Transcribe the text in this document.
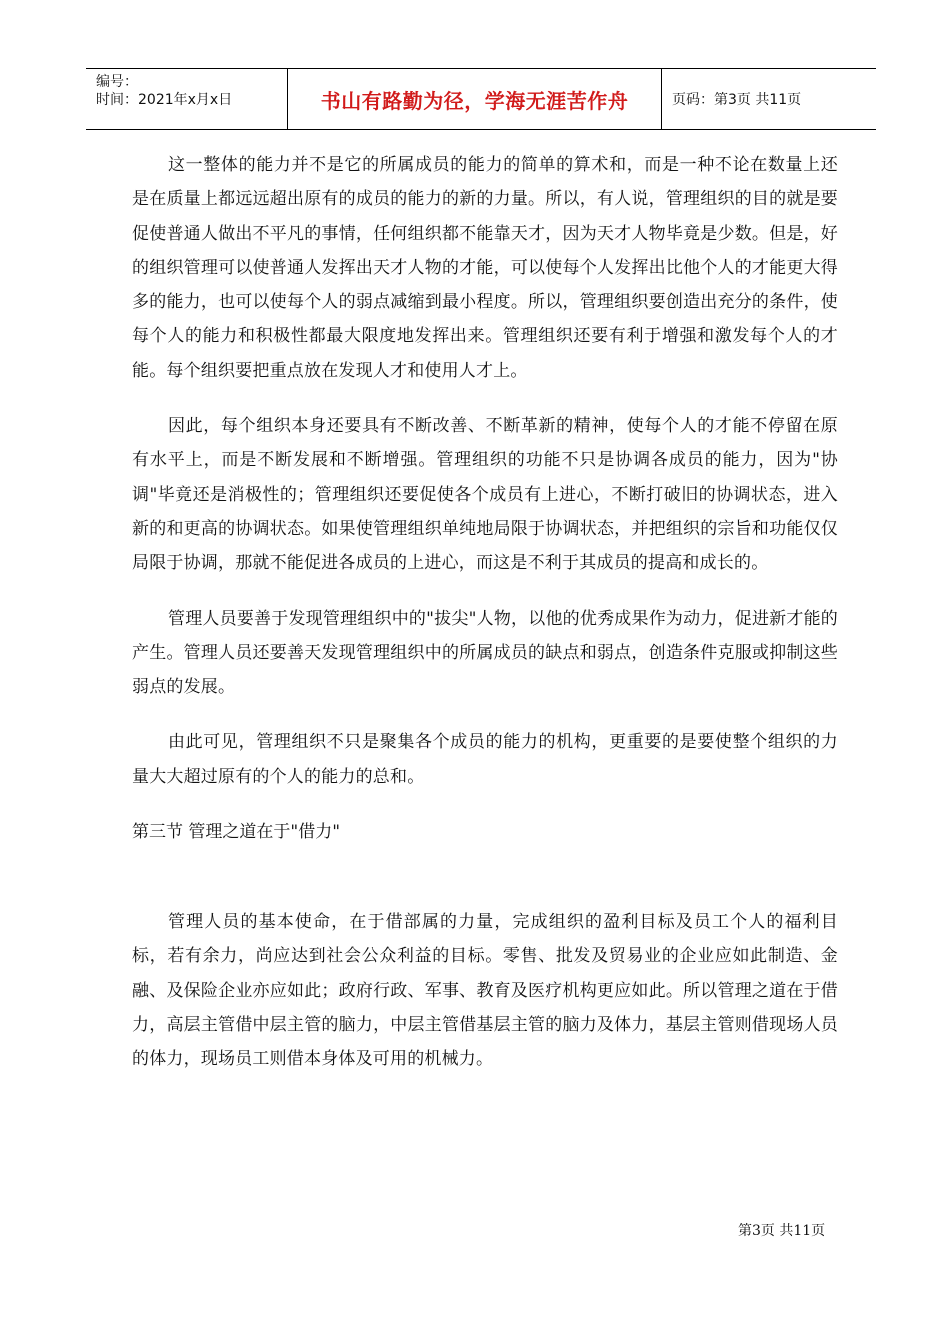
编号：
时间：2021年x月x日	书山有路勤为径，学海无涯苦作舟	页码：第3页 共11页

这一整体的能力并不是它的所属成员的能力的简单的算术和，而是一种不论在数量上还是在质量上都远远超出原有的成员的能力的新的力量。所以，有人说，管理组织的目的就是要促使普通人做出不平凡的事情，任何组织都不能靠天才，因为天才人物毕竟是少数。但是，好的组织管理可以使普通人发挥出天才人物的才能，可以使每个人发挥出比他个人的才能更大得多的能力，也可以使每个人的弱点减缩到最小程度。所以，管理组织要创造出充分的条件，使每个人的能力和积极性都最大限度地发挥出来。管理组织还要有利于增强和激发每个人的才能。每个组织要把重点放在发现人才和使用人才上。

因此，每个组织本身还要具有不断改善、不断革新的精神，使每个人的才能不停留在原有水平上，而是不断发展和不断增强。管理组织的功能不只是协调各成员的能力，因为"协调"毕竟还是消极性的；管理组织还要促使各个成员有上进心，不断打破旧的协调状态，进入新的和更高的协调状态。如果使管理组织单纯地局限于协调状态，并把组织的宗旨和功能仅仅局限于协调，那就不能促进各成员的上进心，而这是不利于其成员的提高和成长的。

管理人员要善于发现管理组织中的"拔尖"人物，以他的优秀成果作为动力，促进新才能的产生。管理人员还要善天发现管理组织中的所属成员的缺点和弱点，创造条件克服或抑制这些弱点的发展。

由此可见，管理组织不只是聚集各个成员的能力的机构，更重要的是要使整个组织的力量大大超过原有的个人的能力的总和。

第三节 管理之道在于"借力"

管理人员的基本使命，在于借部属的力量，完成组织的盈利目标及员工个人的福利目标，若有余力，尚应达到社会公众利益的目标。零售、批发及贸易业的企业应如此制造、金融、及保险企业亦应如此；政府行政、军事、教育及医疗机构更应如此。所以管理之道在于借力，高层主管借中层主管的脑力，中层主管借基层主管的脑力及体力，基层主管则借现场人员的体力，现场员工则借本身体及可用的机械力。

第3页 共11页
